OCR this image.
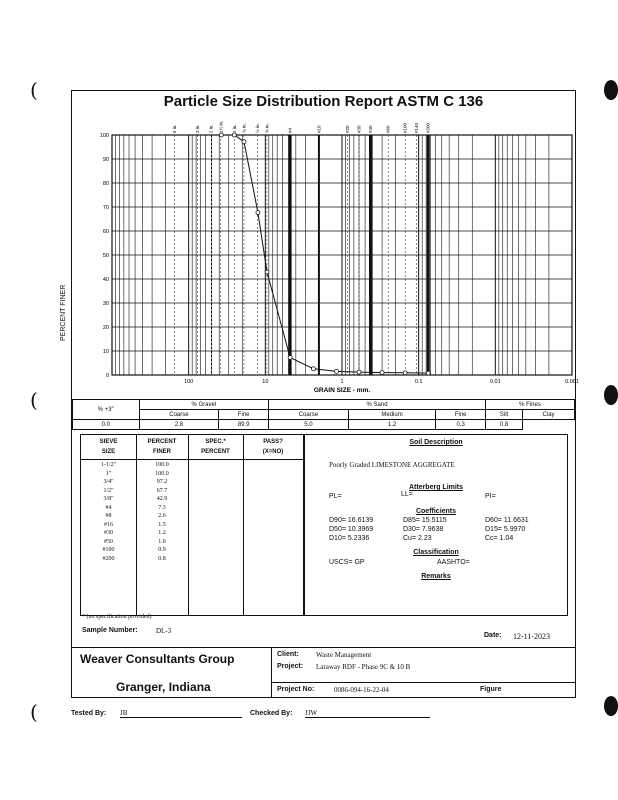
(
(
(
Particle Size Distribution Report ASTM C 136
PERCENT FINER
0
10
20
30
40
50
60
70
80
90
100
100	10	1	0.1	0.01	0.001
GRAIN SIZE - mm.
6 in.	3 in. 2 in. 1½ in. 1 in. ¾ in. ½ in. ⅜ in.	#4	#10	#20 #30 #40	#60	#100 #140 #200
% +3"	% Gravel		% Sand			% Fines	
	Coarse	Fine	Coarse	Medium	Fine	Silt	Clay
0.0	2.8	89.9	5.0	1.2	0.3	0.8	
SIEVE
SIZE
PERCENT
FINER
SPEC.*
PERCENT
PASS?
(X=NO)
1-1/2"	100.0
1"	100.0
3/4"	97.2
1/2"	67.7
3/8"	42.9
#4	7.3
#8	2.6
#16	1.5
#30	1.2
#50	1.0
#100	0.9
#200	0.8
* (no specification provided)
Soil Description
Poorly Graded LIMESTONE AGGREGATE
Atterberg Limits
PL=	LL=	PI=
Coefficients
D90= 16.6139	D85= 15.5115	D60= 11.6631
D50= 10.3969	D30= 7.9638	D15= 5.9970
D10= 5.2336	Cu= 2.23	Cc= 1.04
Classification
USCS= GP	AASHTO=
Remarks
Sample Number:	DL-3
Date: 12-11-2023
Weaver Consultants Group
Granger, Indiana
Client: Waste Management
Project: Laraway RDF - Phase 9C & 10 B
Project No:	0086-094-16-22-04	Figure
Tested By: JB	Checked By: JJW
